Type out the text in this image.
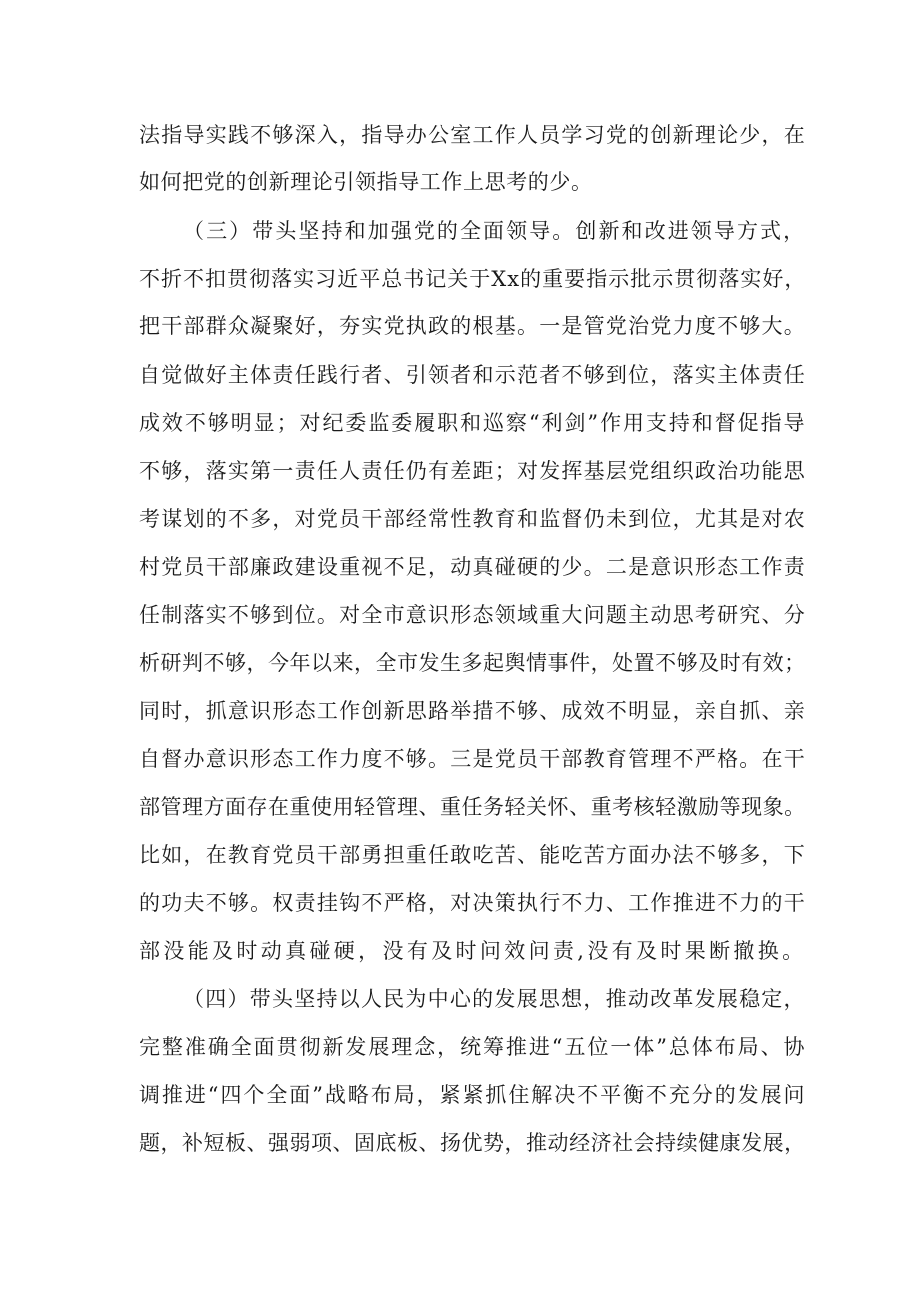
法指导实践不够深入，指导办公室工作人员学习党的创新理论少，在
如何把党的创新理论引领指导工作上思考的少。
（三）带头坚持和加强党的全面领导。创新和改进领导方式，
不折不扣贯彻落实习近平总书记关于Xx的重要指示批示贯彻落实好，
把干部群众凝聚好，夯实党执政的根基。一是管党治党力度不够大。
自觉做好主体责任践行者、引领者和示范者不够到位，落实主体责任
成效不够明显；对纪委监委履职和巡察“利剑”作用支持和督促指导
不够，落实第一责任人责任仍有差距；对发挥基层党组织政治功能思
考谋划的不多，对党员干部经常性教育和监督仍未到位，尤其是对农
村党员干部廉政建设重视不足，动真碰硬的少。二是意识形态工作责
任制落实不够到位。对全市意识形态领域重大问题主动思考研究、分
析研判不够，今年以来，全市发生多起舆情事件，处置不够及时有效；
同时，抓意识形态工作创新思路举措不够、成效不明显，亲自抓、亲
自督办意识形态工作力度不够。三是党员干部教育管理不严格。在干
部管理方面存在重使用轻管理、重任务轻关怀、重考核轻激励等现象。
比如，在教育党员干部勇担重任敢吃苦、能吃苦方面办法不够多，下
的功夫不够。权责挂钩不严格，对决策执行不力、工作推进不力的干
部没能及时动真碰硬，没有及时问效问责,没有及时果断撤换。
（四）带头坚持以人民为中心的发展思想，推动改革发展稳定，
完整准确全面贯彻新发展理念，统筹推进“五位一体”总体布局、协
调推进“四个全面”战略布局，紧紧抓住解决不平衡不充分的发展问
题，补短板、强弱项、固底板、扬优势，推动经济社会持续健康发展，
